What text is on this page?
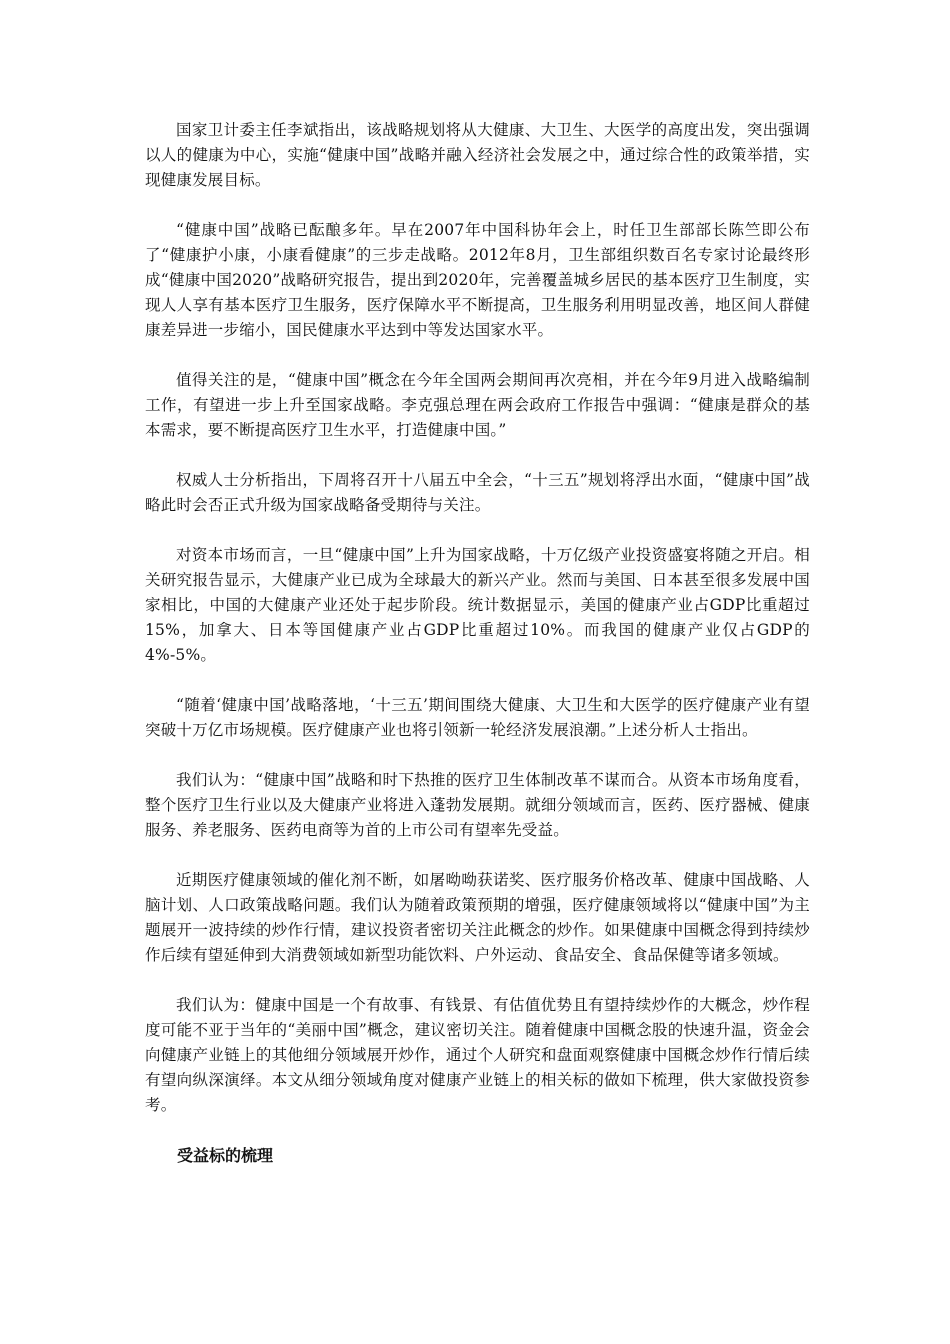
国家卫计委主任李斌指出，该战略规划将从大健康、大卫生、大医学的高度出发，突出强调以人的健康为中心，实施“健康中国”战略并融入经济社会发展之中，通过综合性的政策举措，实现健康发展目标。

“健康中国”战略已酝酿多年。早在2007年中国科协年会上，时任卫生部部长陈竺即公布了“健康护小康，小康看健康”的三步走战略。2012年8月，卫生部组织数百名专家讨论最终形成“健康中国2020”战略研究报告，提出到2020年，完善覆盖城乡居民的基本医疗卫生制度，实现人人享有基本医疗卫生服务，医疗保障水平不断提高，卫生服务利用明显改善，地区间人群健康差异进一步缩小，国民健康水平达到中等发达国家水平。

值得关注的是，“健康中国”概念在今年全国两会期间再次亮相，并在今年9月进入战略编制工作，有望进一步上升至国家战略。李克强总理在两会政府工作报告中强调：“健康是群众的基本需求，要不断提高医疗卫生水平，打造健康中国。”

权威人士分析指出，下周将召开十八届五中全会，“十三五”规划将浮出水面，“健康中国”战略此时会否正式升级为国家战略备受期待与关注。

对资本市场而言，一旦“健康中国”上升为国家战略，十万亿级产业投资盛宴将随之开启。相关研究报告显示，大健康产业已成为全球最大的新兴产业。然而与美国、日本甚至很多发展中国家相比，中国的大健康产业还处于起步阶段。统计数据显示，美国的健康产业占GDP比重超过15%，加拿大、日本等国健康产业占GDP比重超过10%。而我国的健康产业仅占GDP的4%-5%。

“随着‘健康中国’战略落地，‘十三五’期间围绕大健康、大卫生和大医学的医疗健康产业有望突破十万亿市场规模。医疗健康产业也将引领新一轮经济发展浪潮。”上述分析人士指出。

我们认为：“健康中国”战略和时下热推的医疗卫生体制改革不谋而合。从资本市场角度看，整个医疗卫生行业以及大健康产业将进入蓬勃发展期。就细分领域而言，医药、医疗器械、健康服务、养老服务、医药电商等为首的上市公司有望率先受益。

近期医疗健康领域的催化剂不断，如屠呦呦获诺奖、医疗服务价格改革、健康中国战略、人脑计划、人口政策战略问题。我们认为随着政策预期的增强，医疗健康领域将以“健康中国”为主题展开一波持续的炒作行情，建议投资者密切关注此概念的炒作。如果健康中国概念得到持续炒作后续有望延伸到大消费领域如新型功能饮料、户外运动、食品安全、食品保健等诸多领域。

我们认为：健康中国是一个有故事、有钱景、有估值优势且有望持续炒作的大概念，炒作程度可能不亚于当年的“美丽中国”概念，建议密切关注。随着健康中国概念股的快速升温，资金会向健康产业链上的其他细分领域展开炒作，通过个人研究和盘面观察健康中国概念炒作行情后续有望向纵深演绎。本文从细分领域角度对健康产业链上的相关标的做如下梳理，供大家做投资参考。

受益标的梳理
